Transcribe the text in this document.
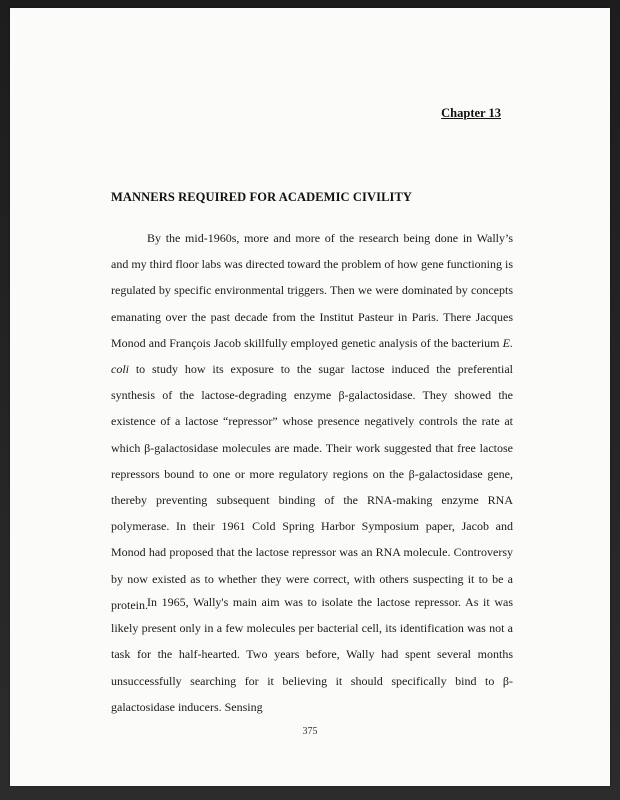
Chapter 13

MANNERS REQUIRED FOR ACADEMIC CIVILITY

By the mid-1960s, more and more of the research being done in Wally’s and my third floor labs was directed toward the problem of how gene functioning is regulated by specific environmental triggers. Then we were dominated by concepts emanating over the past decade from the Institut Pasteur in Paris. There Jacques Monod and François Jacob skillfully employed genetic analysis of the bacterium E. coli to study how its exposure to the sugar lactose induced the preferential synthesis of the lactose-degrading enzyme β-galactosidase. They showed the existence of a lactose “repressor” whose presence negatively controls the rate at which β-galactosidase molecules are made. Their work suggested that free lactose repressors bound to one or more regulatory regions on the β-galactosidase gene, thereby preventing subsequent binding of the RNA-making enzyme RNA polymerase. In their 1961 Cold Spring Harbor Symposium paper, Jacob and Monod had proposed that the lactose repressor was an RNA molecule. Controversy by now existed as to whether they were correct, with others suspecting it to be a protein. In 1965, Wally's main aim was to isolate the lactose repressor. As it was likely present only in a few molecules per bacterial cell, its identification was not a task for the half-hearted. Two years before, Wally had spent several months unsuccessfully searching for it believing it should specifically bind to β-galactosidase inducers. Sensing

375
